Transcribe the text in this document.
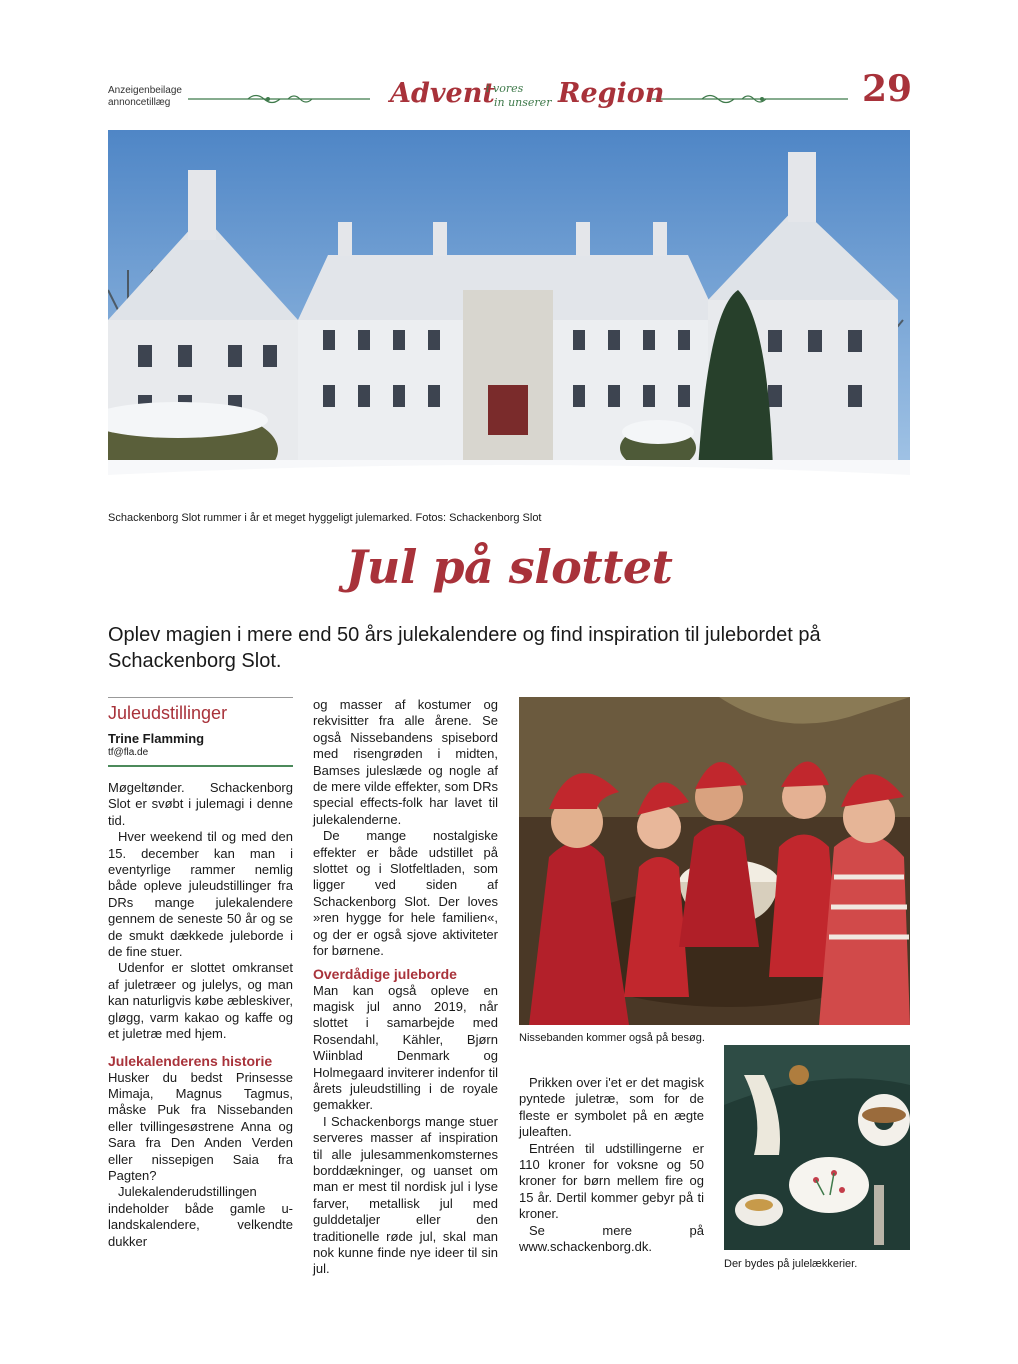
Anzeigenbeilage
annoncetillæg	Advent
i vores
in unserer Region	29
Schackenborg Slot rummer i år et meget hyggeligt julemarked. Fotos: Schackenborg Slot
Jul på slottet
Oplev magien i mere end 50 års julekalendere og find inspiration til julebordet på Schackenborg Slot.
Juleudstillinger
Trine Flamming
tf@fla.de

Møgeltønder. Schackenborg Slot er svøbt i julemagi i denne tid.

Hver weekend til og med den 15. december kan man i eventyrlige rammer nemlig både opleve juleudstillinger fra DRs mange julekalendere gennem de seneste 50 år og se de smukt dækkede juleborde i de fine stuer.

Udenfor er slottet omkranset af juletræer og julelys, og man kan naturligvis købe æbleskiver, gløgg, varm kakao og kaffe og et juletræ med hjem.

Julekalenderens historie

Husker du bedst Prinsesse Mimaja, Magnus Tagmus, måske Puk fra Nissebanden eller tvillingesøstrene Anna og Sara fra Den Anden Verden eller nissepigen Saia fra Pagten?

Julekalenderudstillingen indeholder både gamle u-landskalendere, velkendte dukker

og masser af kostumer og rekvisitter fra alle årene. Se også Nissebandens spisebord med risengrøden i midten, Bamses juleslæde og nogle af de mere vilde effekter, som DRs special effects-folk har lavet til julekalenderne.

De mange nostalgiske effekter er både udstillet på slottet og i Slotfeltladen, som ligger ved siden af Schackenborg Slot. Der loves »ren hygge for hele familien«, og der er også sjove aktiviteter for børnene.

Overdådige juleborde

Man kan også opleve en magisk jul anno 2019, når slottet i samarbejde med Rosendahl, Kähler, Bjørn Wiinblad Denmark og Holmegaard inviterer indenfor til årets juleudstilling i de royale gemakker.

I Schackenborgs mange stuer serveres masser af inspiration til alle julesammenkomsternes borddækninger, og uanset om man er mest til nordisk jul i lyse farver, metallisk jul med gulddetaljer eller den traditionelle røde jul, skal man nok kunne finde nye ideer til sin jul.

Nissebanden kommer også på besøg.

Prikken over i'et er det magisk pyntede juletræ, som for de fleste er symbolet på en ægte juleaften.

Entréen til udstillingerne er 110 kroner for voksne og 50 kroner for børn mellem fire og 15 år. Dertil kommer gebyr på ti kroner.

Se mere på www.schackenborg.dk.

Der bydes på julelækkerier.
